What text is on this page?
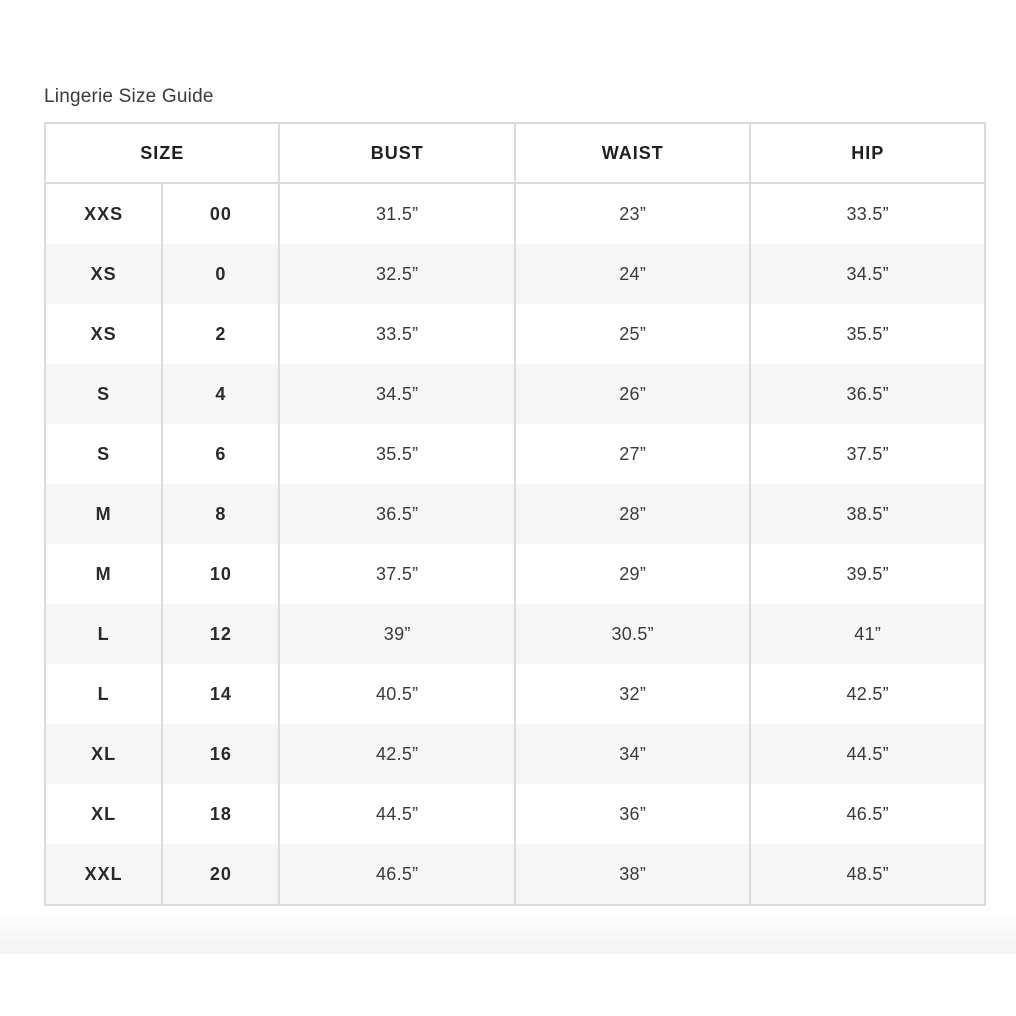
Lingerie Size Guide
SIZE		BUST	WAIST	HIP
XXS	00	31.5”	23”	33.5”
XS	0	32.5”	24”	34.5”
XS	2	33.5”	25”	35.5”
S	4	34.5”	26”	36.5”
S	6	35.5”	27”	37.5”
M	8	36.5”	28”	38.5”
M	10	37.5”	29”	39.5”
L	12	39”	30.5”	41”
L	14	40.5”	32”	42.5”
XL	16	42.5”	34”	44.5”
XL	18	44.5”	36”	46.5”
XXL	20	46.5”	38”	48.5”
